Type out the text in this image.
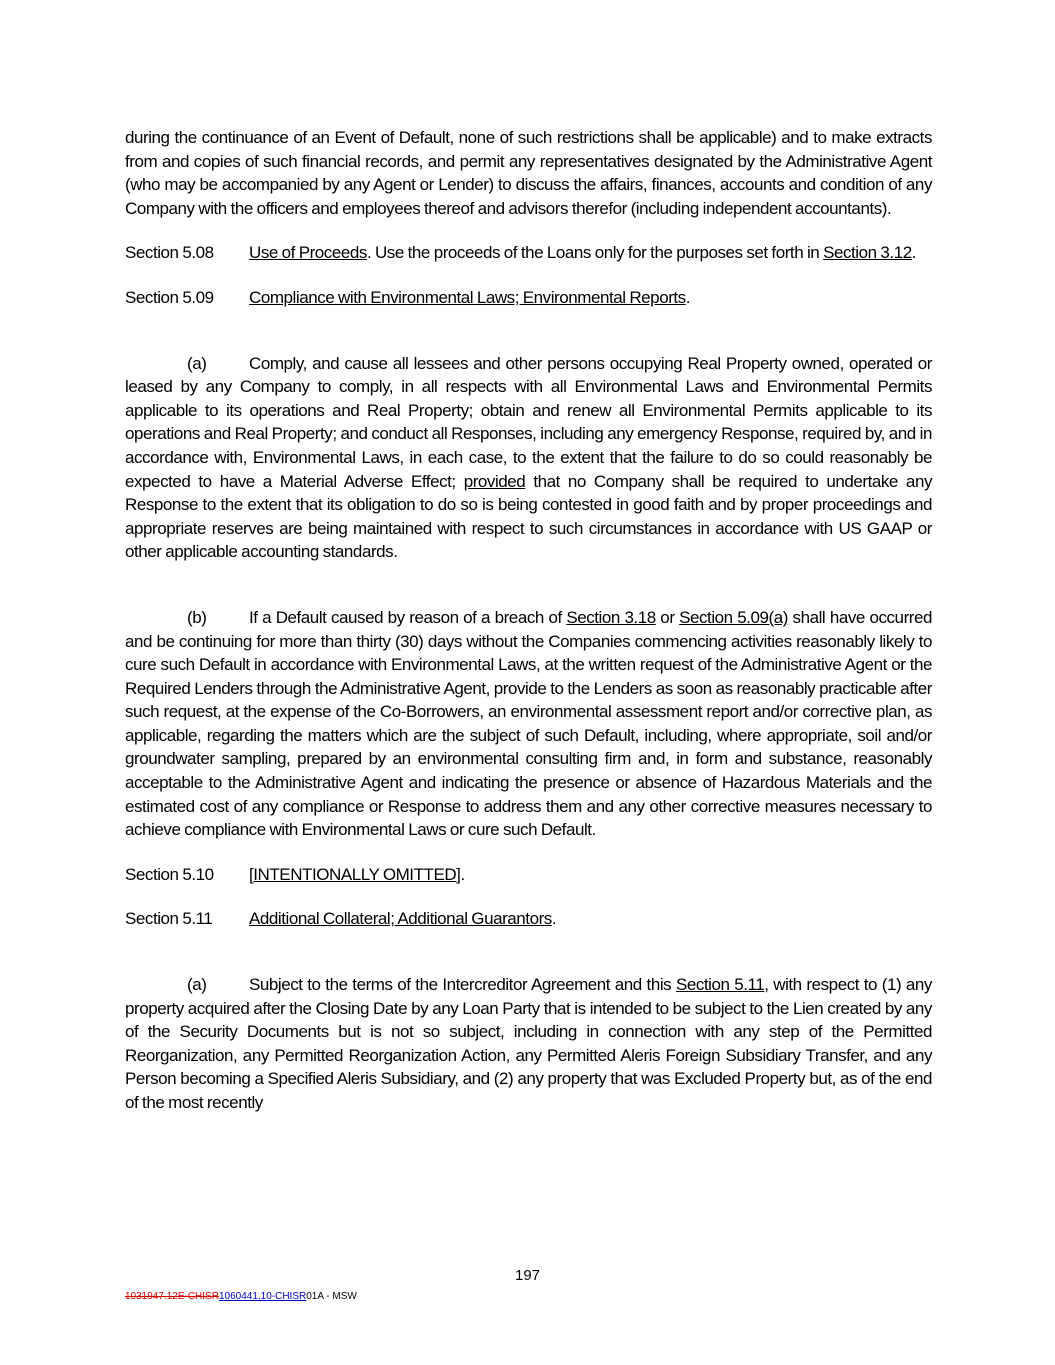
during the continuance of an Event of Default, none of such restrictions shall be applicable) and to make extracts from and copies of such financial records, and permit any representatives designated by the Administrative Agent (who may be accompanied by any Agent or Lender) to discuss the affairs, finances, accounts and condition of any Company with the officers and employees thereof and advisors therefor (including independent accountants).

Section 5.08 Use of Proceeds. Use the proceeds of the Loans only for the purposes set forth in Section 3.12.

Section 5.09 Compliance with Environmental Laws; Environmental Reports.

(a)	Comply, and cause all lessees and other persons occupying Real Property owned, operated or leased by any Company to comply, in all respects with all Environmental Laws and Environmental Permits applicable to its operations and Real Property; obtain and renew all Environmental Permits applicable to its operations and Real Property; and conduct all Responses, including any emergency Response, required by, and in accordance with, Environmental Laws, in each case, to the extent that the failure to do so could reasonably be expected to have a Material Adverse Effect; provided that no Company shall be required to undertake any Response to the extent that its obligation to do so is being contested in good faith and by proper proceedings and appropriate reserves are being maintained with respect to such circumstances in accordance with US GAAP or other applicable accounting standards.

(b)	If a Default caused by reason of a breach of Section 3.18 or Section 5.09(a) shall have occurred and be continuing for more than thirty (30) days without the Companies commencing activities reasonably likely to cure such Default in accordance with Environmental Laws, at the written request of the Administrative Agent or the Required Lenders through the Administrative Agent, provide to the Lenders as soon as reasonably practicable after such request, at the expense of the Co-Borrowers, an environmental assessment report and/or corrective plan, as applicable, regarding the matters which are the subject of such Default, including, where appropriate, soil and/or groundwater sampling, prepared by an environmental consulting firm and, in form and substance, reasonably acceptable to the Administrative Agent and indicating the presence or absence of Hazardous Materials and the estimated cost of any compliance or Response to address them and any other corrective measures necessary to achieve compliance with Environmental Laws or cure such Default.

Section 5.10 [INTENTIONALLY OMITTED].

Section 5.11 Additional Collateral; Additional Guarantors.

(a)	Subject to the terms of the Intercreditor Agreement and this Section 5.11, with respect to (1) any property acquired after the Closing Date by any Loan Party that is intended to be subject to the Lien created by any of the Security Documents but is not so subject, including in connection with any step of the Permitted Reorganization, any Permitted Reorganization Action, any Permitted Aleris Foreign Subsidiary Transfer, and any Person becoming a Specified Aleris Subsidiary, and (2) any property that was Excluded Property but, as of the end of the most recently

197
1031947.12E-CHISR1060441.10-CHISR01A - MSW
